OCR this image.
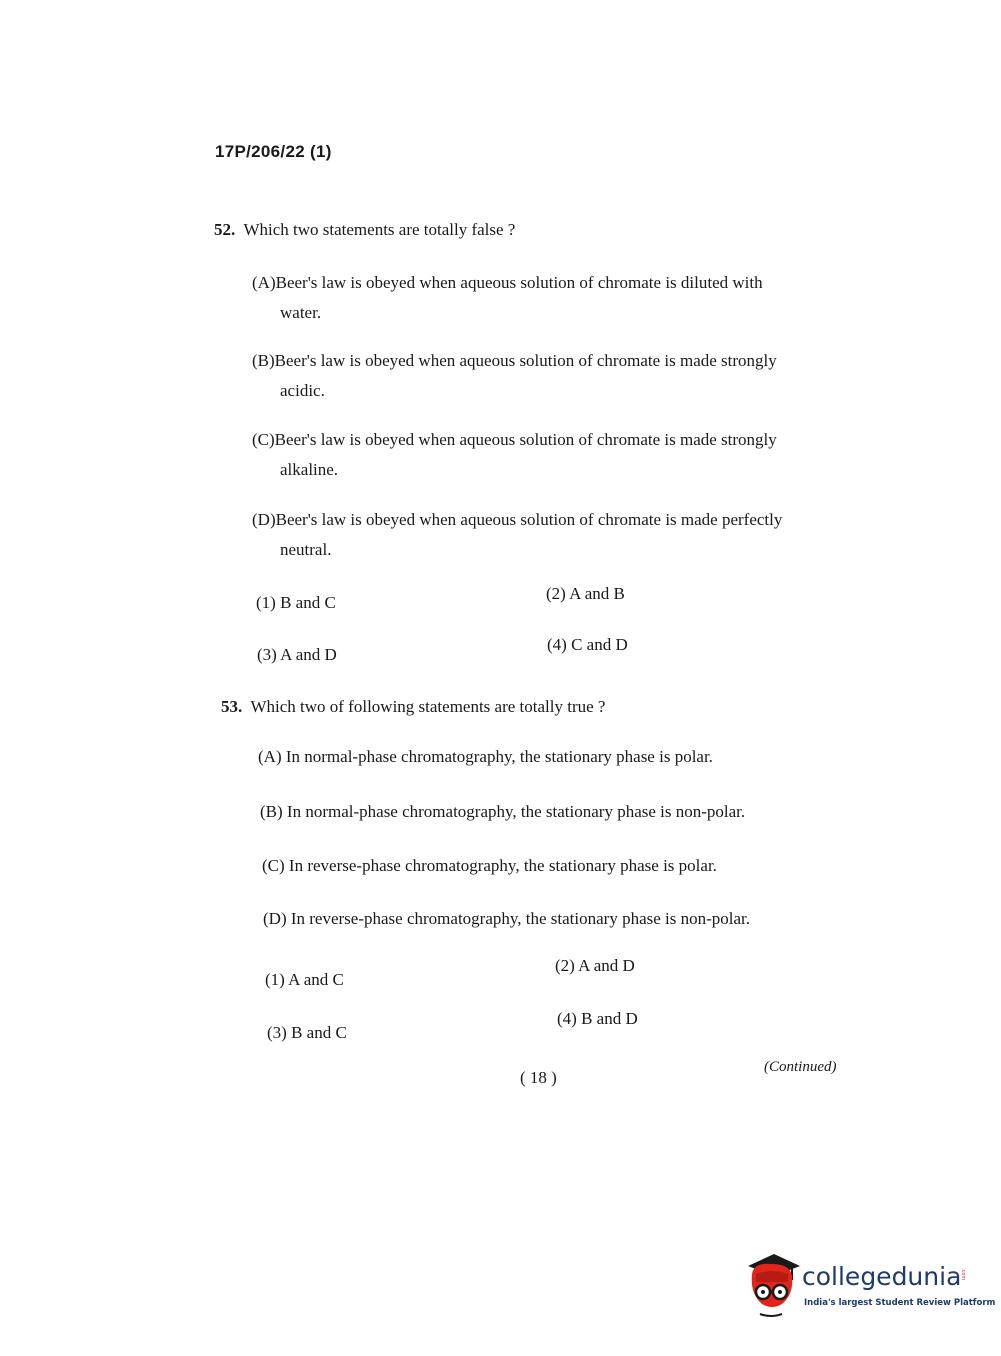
17P/206/22 (1)
52. Which two statements are totally false ?
(A)Beer's law is obeyed when aqueous solution of chromate is diluted with
water.
(B)Beer's law is obeyed when aqueous solution of chromate is made strongly
acidic.
(C)Beer's law is obeyed when aqueous solution of chromate is made strongly
alkaline.
(D)Beer's law is obeyed when aqueous solution of chromate is made perfectly
neutral.
(1) B and C	(2) A and B
(3) A and D
(4) C and D
53. Which two of following statements are totally true ?
(A) In normal-phase chromatography, the stationary phase is polar.
(B) In normal-phase chromatography, the stationary phase is non-polar.
(C) In reverse-phase chromatography, the stationary phase is polar.
(D) In reverse-phase chromatography, the stationary phase is non-polar.
(1) A and C
(2) A and D
(3) B and C
(4) B and D
( 18 )
(Continued)
collegedunia
.com
India's largest Student Review Platform
